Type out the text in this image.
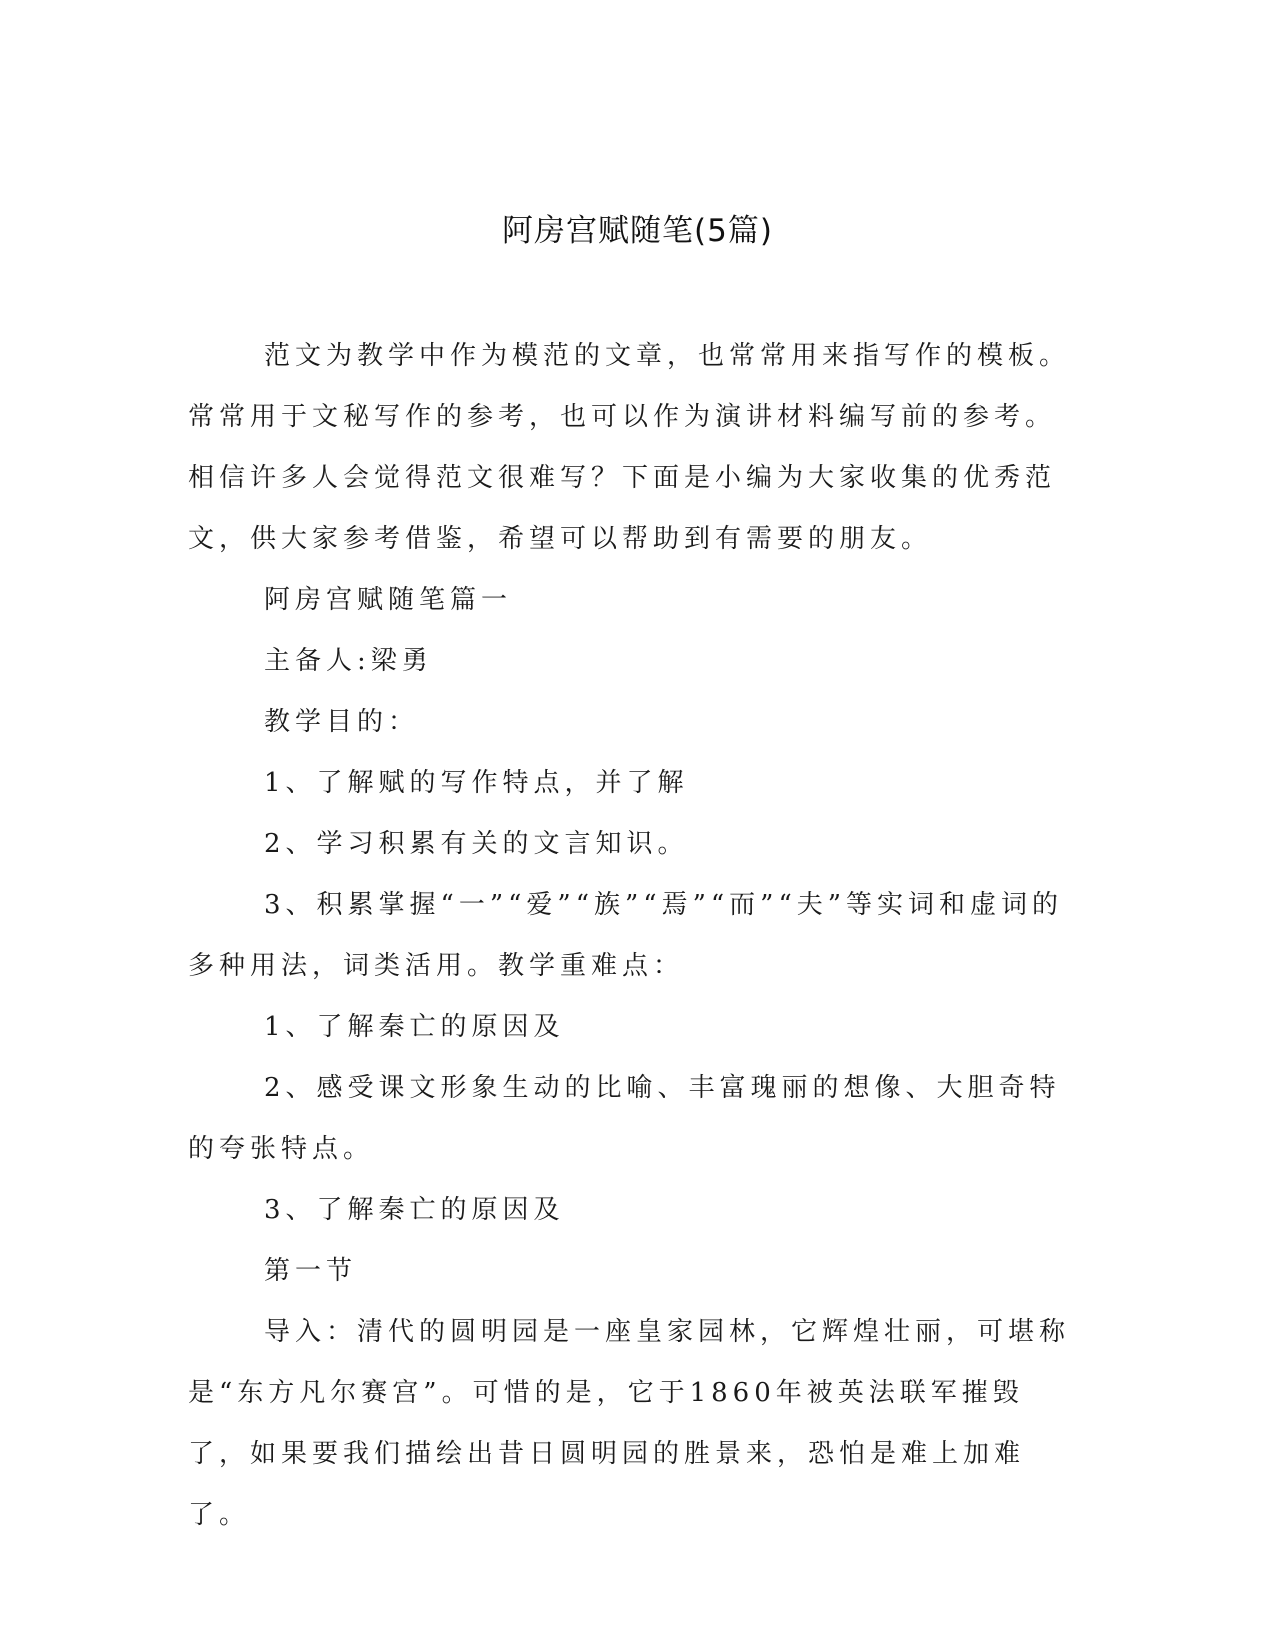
阿房宫赋随笔(5篇)

范文为教学中作为模范的文章，也常常用来指写作的模板。常常用于文秘写作的参考，也可以作为演讲材料编写前的参考。相信许多人会觉得范文很难写？下面是小编为大家收集的优秀范文，供大家参考借鉴，希望可以帮助到有需要的朋友。

阿房宫赋随笔篇一

主备人:梁勇

教学目的：

1、了解赋的写作特点，并了解

2、学习积累有关的文言知识。

3、积累掌握“一”“爱”“族”“焉”“而”“夫”等实词和虚词的多种用法，词类活用。教学重难点：

1、了解秦亡的原因及

2、感受课文形象生动的比喻、丰富瑰丽的想像、大胆奇特的夸张特点。

3、了解秦亡的原因及

第一节

导入：清代的圆明园是一座皇家园林，它辉煌壮丽，可堪称是“东方凡尔赛宫”。可惜的是，它于1860年被英法联军摧毁了，如果要我们描绘出昔日圆明园的胜景来，恐怕是难上加难了。
